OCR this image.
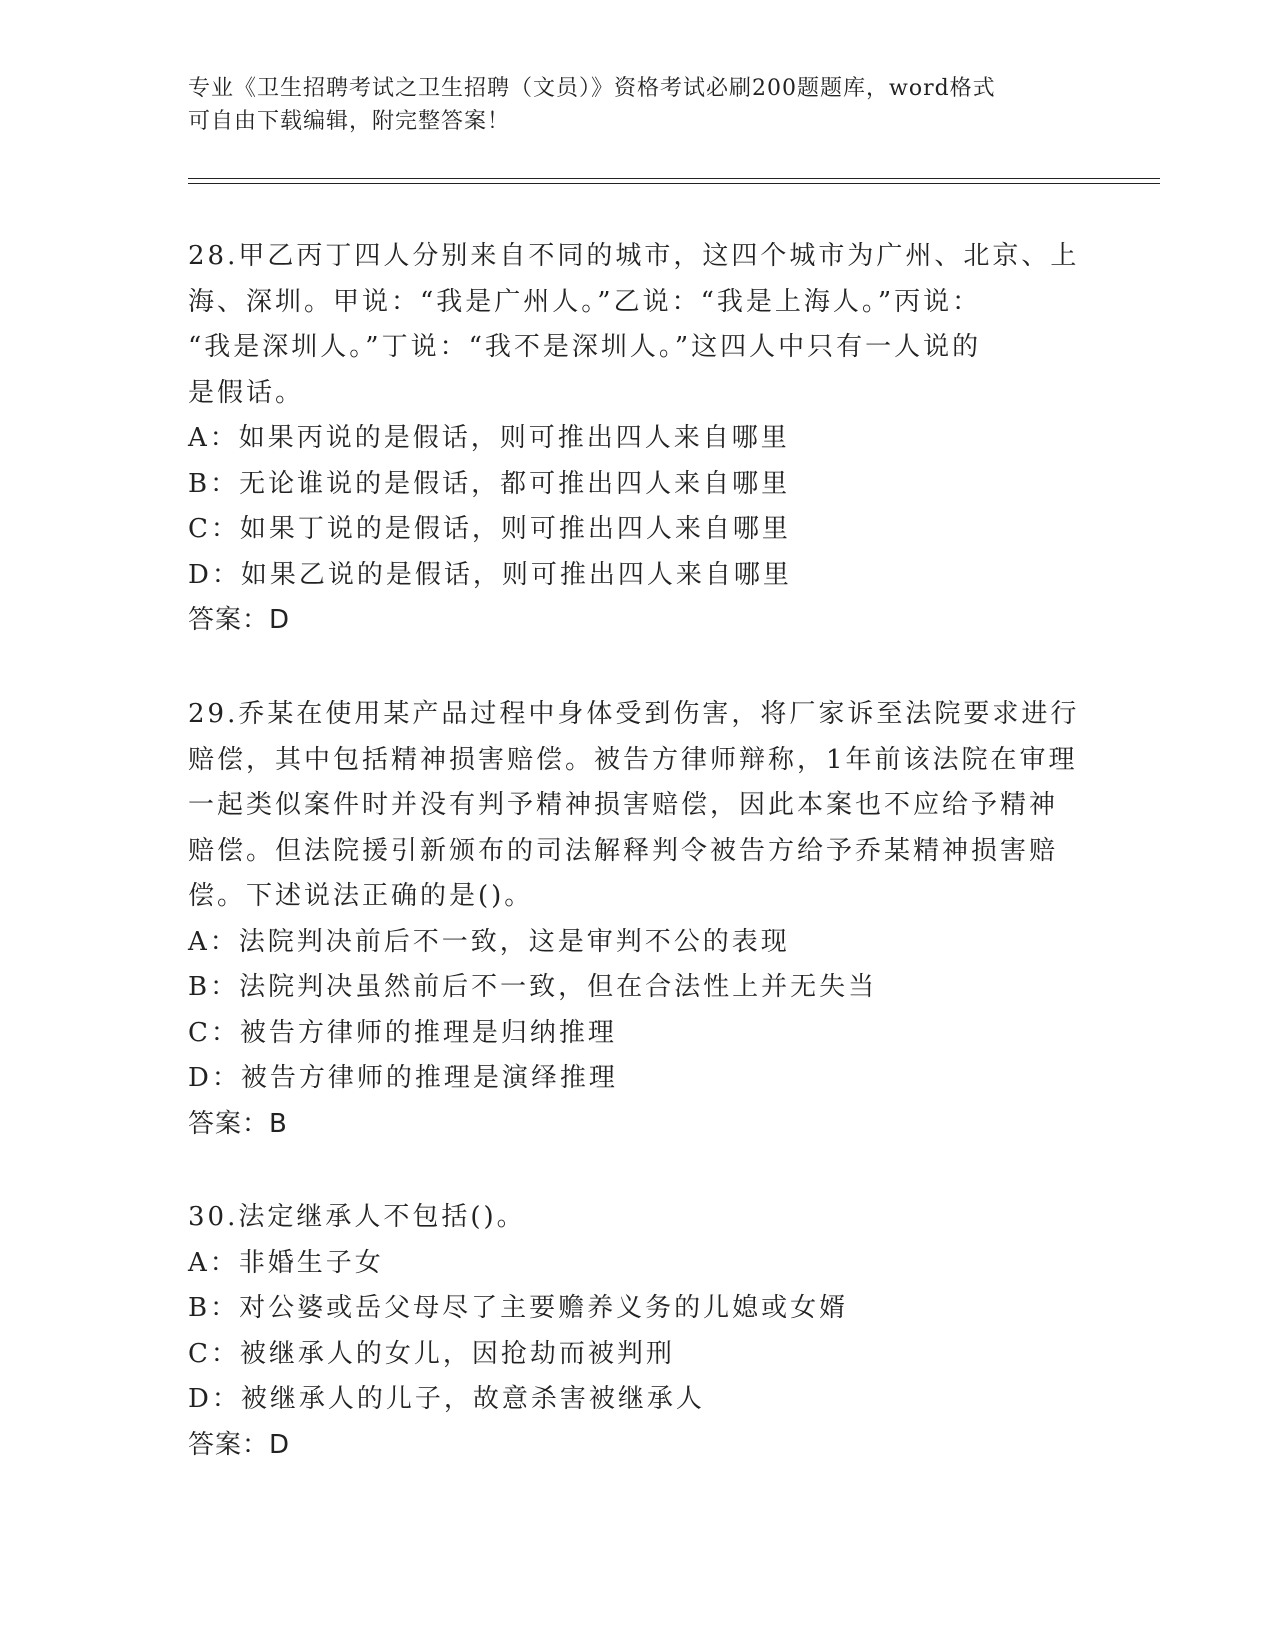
专业《卫生招聘考试之卫生招聘（文员）》资格考试必刷200题题库，word格式

可自由下载编辑，附完整答案！

28.甲乙丙丁四人分别来自不同的城市，这四个城市为广州、北京、上

海、深圳。甲说：“我是广州人。”乙说：“我是上海人。”丙说：

“我是深圳人。”丁说：“我不是深圳人。”这四人中只有一人说的

是假话。

A：如果丙说的是假话，则可推出四人来自哪里

B：无论谁说的是假话，都可推出四人来自哪里

C：如果丁说的是假话，则可推出四人来自哪里

D：如果乙说的是假话，则可推出四人来自哪里

答案：D

29.乔某在使用某产品过程中身体受到伤害，将厂家诉至法院要求进行

赔偿，其中包括精神损害赔偿。被告方律师辩称，1年前该法院在审理

一起类似案件时并没有判予精神损害赔偿，因此本案也不应给予精神

赔偿。但法院援引新颁布的司法解释判令被告方给予乔某精神损害赔

偿。下述说法正确的是()。

A：法院判决前后不一致，这是审判不公的表现

B：法院判决虽然前后不一致，但在合法性上并无失当

C：被告方律师的推理是归纳推理

D：被告方律师的推理是演绎推理

答案：B

30.法定继承人不包括()。

A：非婚生子女

B：对公婆或岳父母尽了主要赡养义务的儿媳或女婿

C：被继承人的女儿，因抢劫而被判刑

D：被继承人的儿子，故意杀害被继承人

答案：D
